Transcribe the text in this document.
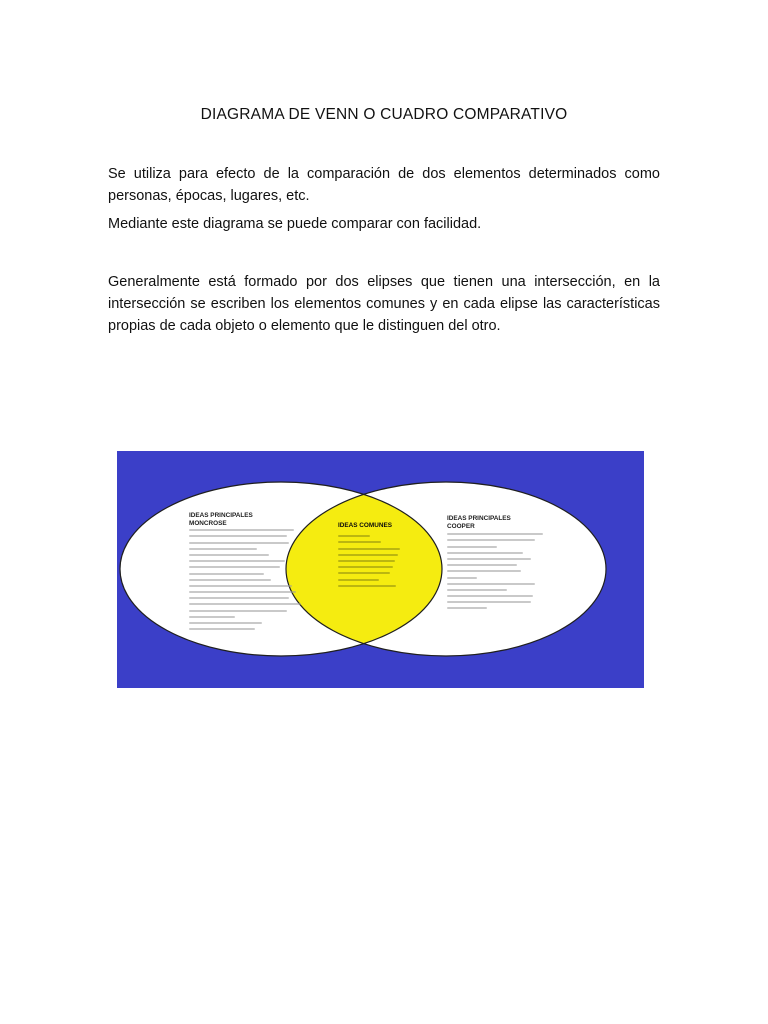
DIAGRAMA DE VENN O CUADRO COMPARATIVO

Se utiliza para efecto de la comparación de dos elementos determinados como personas, épocas, lugares, etc.

Mediante este diagrama se puede comparar con facilidad.

Generalmente está formado por dos elipses que tienen una intersección, en la intersección se escriben los elementos comunes y en cada elipse las características propias de cada objeto o elemento que le distinguen del otro.

IDEAS PRINCIPALES
MONCROSE	IDEAS COMUNES
IDEAS PRINCIPALES
COOPER
